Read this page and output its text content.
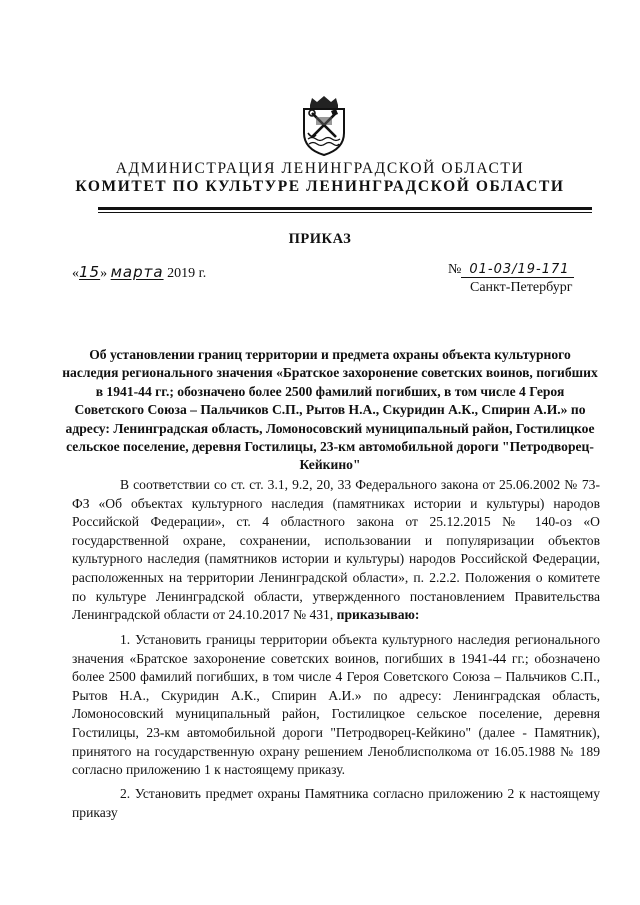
АДМИНИСТРАЦИЯ ЛЕНИНГРАДСКОЙ ОБЛАСТИ
КОМИТЕТ ПО КУЛЬТУРЕ ЛЕНИНГРАДСКОЙ ОБЛАСТИ
ПРИКАЗ
«15» марта 2019 г.	№ 01-03/19-171
Санкт-Петербург
Об установлении границ территории и предмета охраны объекта культурного наследия регионального значения «Братское захоронение советских воинов, погибших в 1941-44 гг.; обозначено более 2500 фамилий погибших, в том числе 4 Героя Советского Союза – Пальчиков С.П., Рытов Н.А., Скуридин А.К., Спирин А.И.» по адресу: Ленинградская область, Ломоносовский муниципальный район, Гостилицкое сельское поселение, деревня Гостилицы, 23-км автомобильной дороги "Петродворец-Кейкино"

В соответствии со ст. ст. 3.1, 9.2, 20, 33 Федерального закона от 25.06.2002 № 73-ФЗ «Об объектах культурного наследия (памятниках истории и культуры) народов Российской Федерации», ст. 4 областного закона от 25.12.2015 № 140-оз «О государственной охране, сохранении, использовании и популяризации объектов культурного наследия (памятников истории и культуры) народов Российской Федерации, расположенных на территории Ленинградской области», п. 2.2.2. Положения о комитете по культуре Ленинградской области, утвержденного постановлением Правительства Ленинградской области от 24.10.2017 № 431, приказываю:

1. Установить границы территории объекта культурного наследия регионального значения «Братское захоронение советских воинов, погибших в 1941-44 гг.; обозначено более 2500 фамилий погибших, в том числе 4 Героя Советского Союза – Пальчиков С.П., Рытов Н.А., Скуридин А.К., Спирин А.И.» по адресу: Ленинградская область, Ломоносовский муниципальный район, Гостилицкое сельское поселение, деревня Гостилицы, 23-км автомобильной дороги "Петродворец-Кейкино" (далее - Памятник), принятого на государственную охрану решением Леноблисполкома от 16.05.1988 № 189 согласно приложению 1 к настоящему приказу.

2. Установить предмет охраны Памятника согласно приложению 2 к настоящему приказу
